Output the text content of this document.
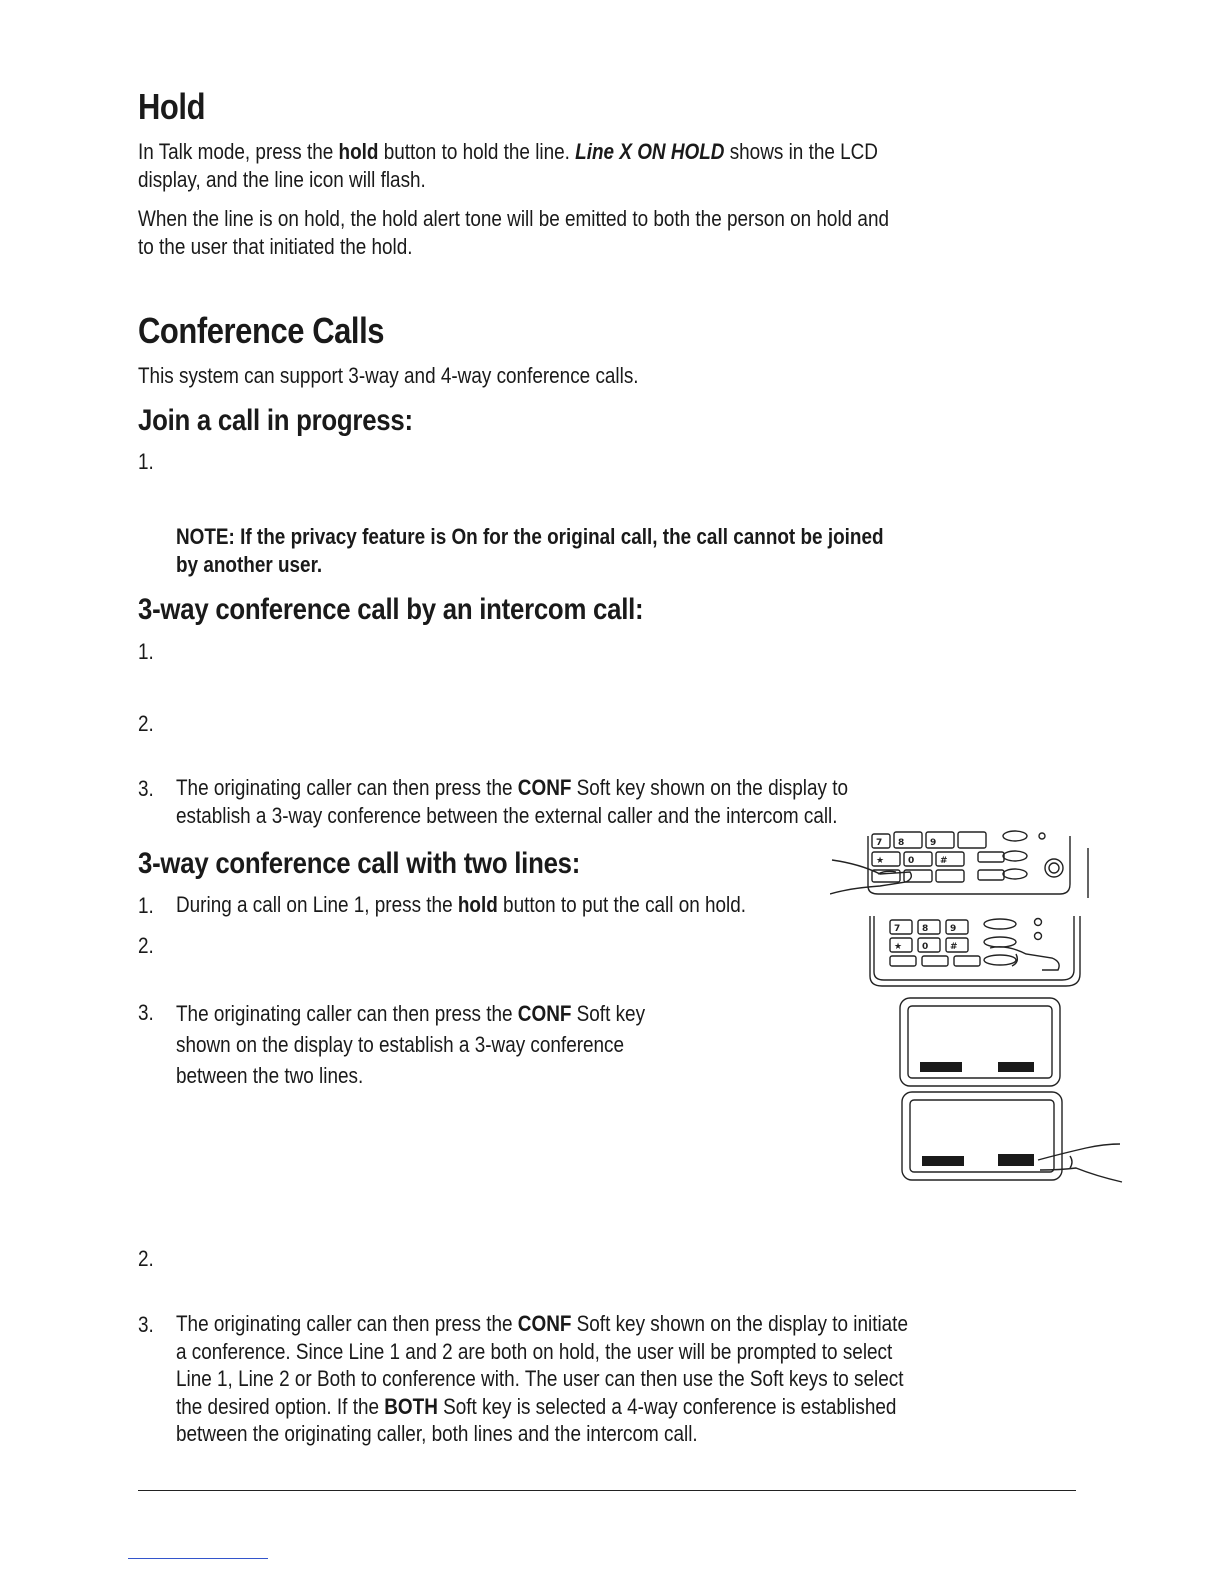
Hold
In Talk mode, press the hold button to hold the line. Line X ON HOLD shows in the LCD
display, and the line icon will flash.
When the line is on hold, the hold alert tone will be emitted to both the person on hold and
to the user that initiated the hold.
Conference Calls
This system can support 3-way and 4-way conference calls.
Join a call in progress:
1.
NOTE: If the privacy feature is On for the original call, the call cannot be joined
by another user.
3-way conference call by an intercom call:
1.
2.
3. The originating caller can then press the CONF Soft key shown on the display to
establish a 3-way conference between the external caller and the intercom call.
3-way conference call with two lines:
1. During a call on Line 1, press the hold button to put the call on hold.
2.
3. The originating caller can then press the CONF Soft key
shown on the display to establish a 3-way conference
between the two lines.
2.
3. The originating caller can then press the CONF Soft key shown on the display to initiate
a conference. Since Line 1 and 2 are both on hold, the user will be prompted to select
Line 1, Line 2 or Both to conference with. The user can then use the Soft keys to select
the desired option. If the BOTH Soft key is selected a 4-way conference is established
between the originating caller, both lines and the intercom call.
7 8	9
★	0	#
7 8 9
★ 0 #
